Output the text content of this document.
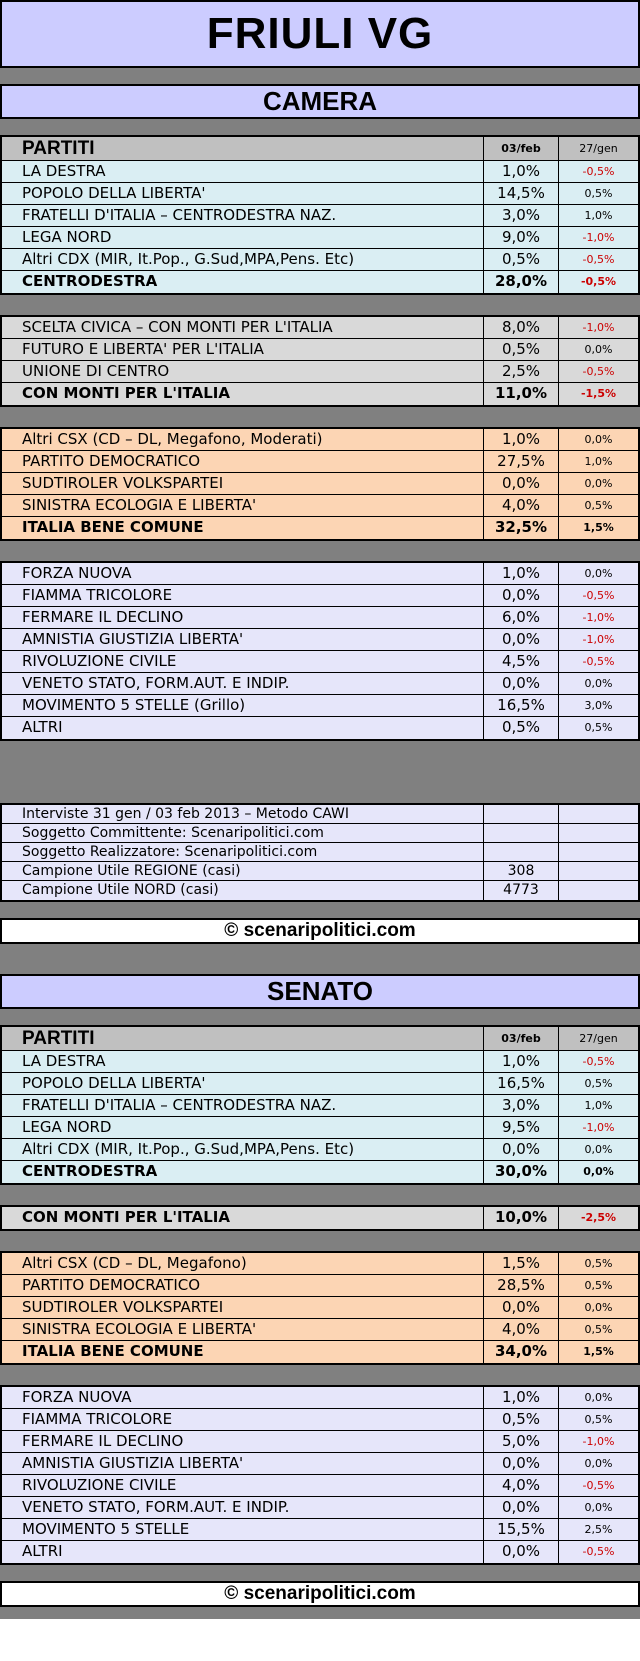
FRIULI VG
CAMERA
PARTITI	03/feb	27/gen
LA DESTRA	1,0%	-0,5%
POPOLO DELLA LIBERTA'	14,5%	0,5%
FRATELLI D'ITALIA – CENTRODESTRA NAZ.	3,0%	1,0%
LEGA NORD	9,0%	-1,0%
Altri CDX (MIR, It.Pop., G.Sud,MPA,Pens. Etc)	0,5%	-0,5%
CENTRODESTRA	28,0%	-0,5%
SCELTA CIVICA – CON MONTI PER L'ITALIA	8,0%	-1,0%
FUTURO E LIBERTA' PER L'ITALIA	0,5%	0,0%
UNIONE DI CENTRO	2,5%	-0,5%
CON MONTI PER L'ITALIA	11,0%	-1,5%
Altri CSX (CD – DL, Megafono, Moderati)	1,0%	0,0%
PARTITO DEMOCRATICO	27,5%	1,0%
SUDTIROLER VOLKSPARTEI	0,0%	0,0%
SINISTRA ECOLOGIA E LIBERTA'	4,0%	0,5%
ITALIA BENE COMUNE	32,5%	1,5%
FORZA NUOVA	1,0%	0,0%
FIAMMA TRICOLORE	0,0%	-0,5%
FERMARE IL DECLINO	6,0%	-1,0%
AMNISTIA GIUSTIZIA LIBERTA'	0,0%	-1,0%
RIVOLUZIONE CIVILE	4,5%	-0,5%
VENETO STATO, FORM.AUT. E INDIP.	0,0%	0,0%
MOVIMENTO 5 STELLE (Grillo)	16,5%	3,0%
ALTRI	0,5%	0,5%
Interviste 31 gen / 03 feb 2013 – Metodo CAWI
Soggetto Committente: Scenaripolitici.com
Soggetto Realizzatore: Scenaripolitici.com
Campione Utile REGIONE (casi)	308
Campione Utile NORD (casi)	4773
© scenaripolitici.com
SENATO
PARTITI	03/feb	27/gen
LA DESTRA	1,0%	-0,5%
POPOLO DELLA LIBERTA'	16,5%	0,5%
FRATELLI D'ITALIA – CENTRODESTRA NAZ.	3,0%	1,0%
LEGA NORD	9,5%	-1,0%
Altri CDX (MIR, It.Pop., G.Sud,MPA,Pens. Etc)	0,0%	0,0%
CENTRODESTRA	30,0%	0,0%
CON MONTI PER L'ITALIA	10,0%	-2,5%
Altri CSX (CD – DL, Megafono)	1,5%	0,5%
PARTITO DEMOCRATICO	28,5%	0,5%
SUDTIROLER VOLKSPARTEI	0,0%	0,0%
SINISTRA ECOLOGIA E LIBERTA'	4,0%	0,5%
ITALIA BENE COMUNE	34,0%	1,5%
FORZA NUOVA	1,0%	0,0%
FIAMMA TRICOLORE	0,5%	0,5%
FERMARE IL DECLINO	5,0%	-1,0%
AMNISTIA GIUSTIZIA LIBERTA'	0,0%	0,0%
RIVOLUZIONE CIVILE	4,0%	-0,5%
VENETO STATO, FORM.AUT. E INDIP.	0,0%	0,0%
MOVIMENTO 5 STELLE	15,5%	2,5%
ALTRI	0,0%	-0,5%
© scenaripolitici.com
